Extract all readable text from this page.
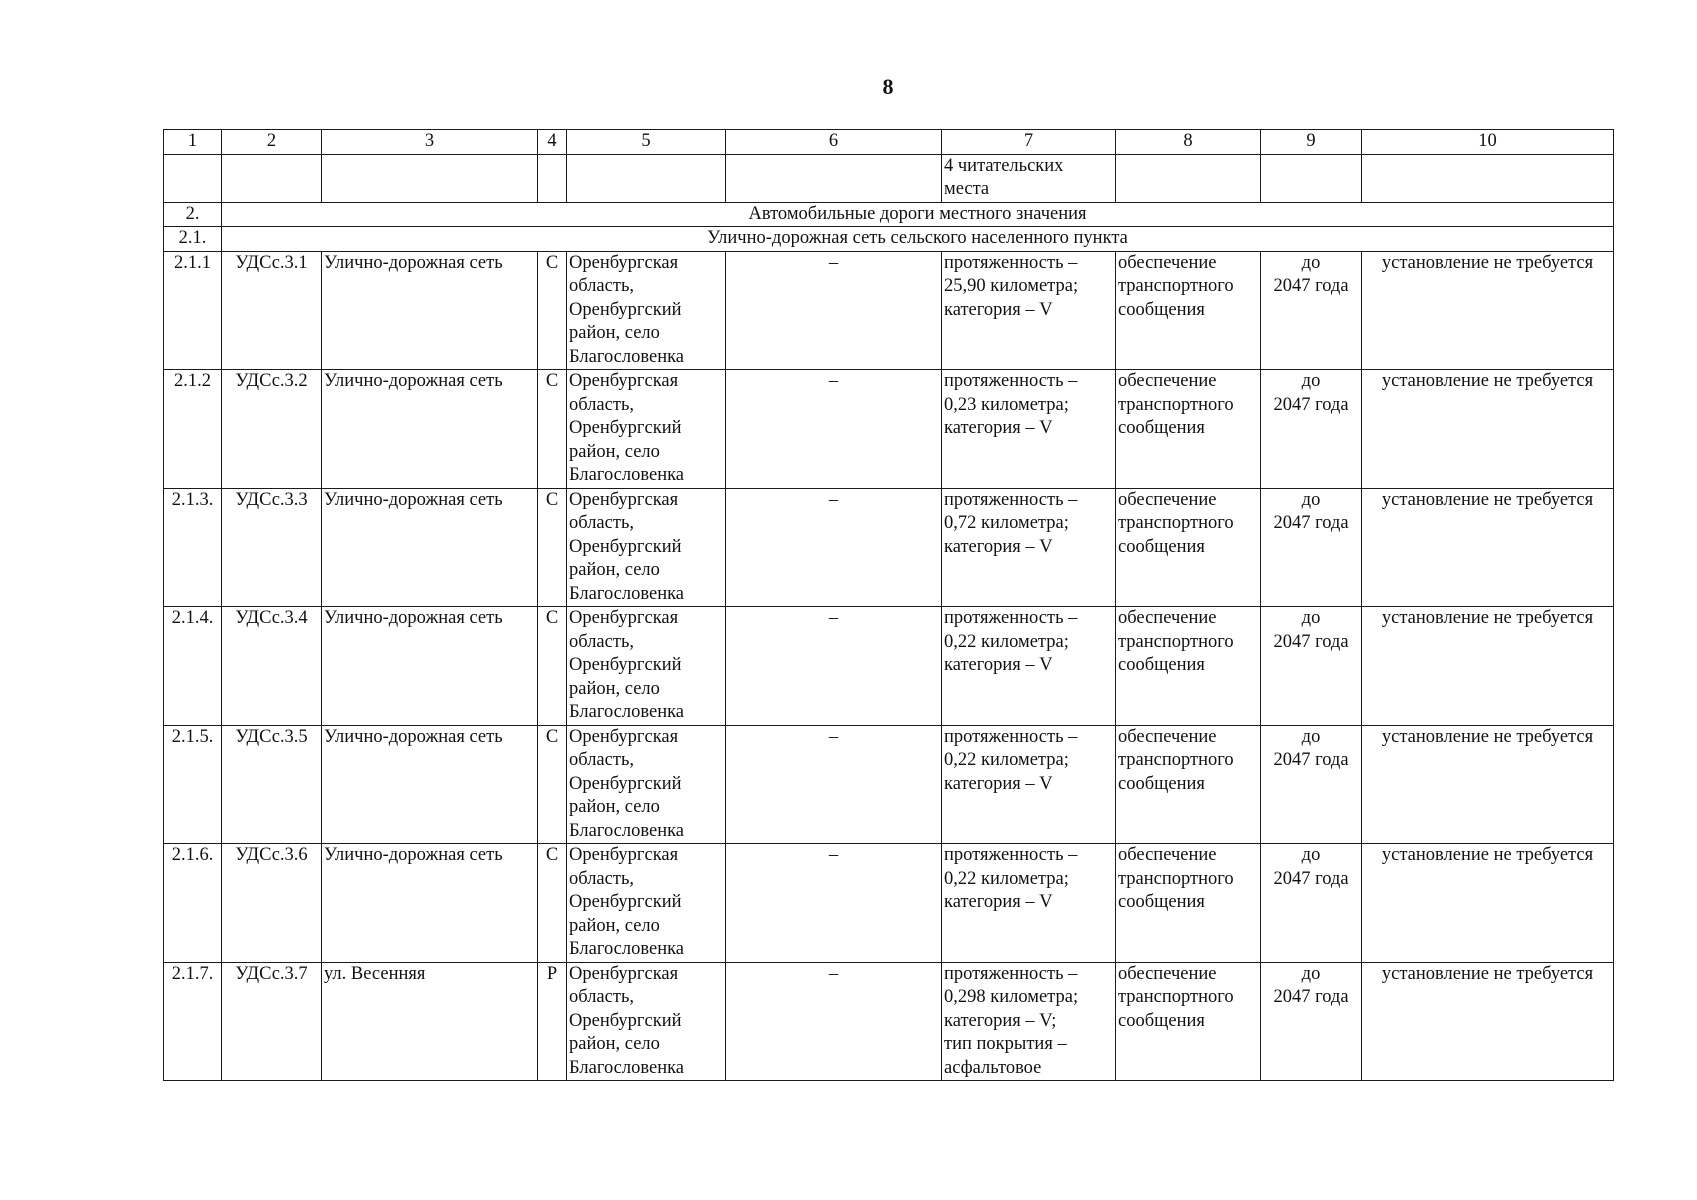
8
1	2	3	4	5	6	7	8	9	10
						4 читательских
места			
2.	Автомобильные дороги местного значения								
2.1.	Улично-дорожная сеть сельского населенного пункта								
2.1.1	УДСс.3.1	Улично-дорожная сеть	С	Оренбургская
область,
Оренбургский
район, село
Благословенка	–	протяженность –
25,90 километра;
категория – V	обеспечение
транспортного
сообщения	до
2047 года	установление не требуется
2.1.2	УДСс.3.2	Улично-дорожная сеть	С	Оренбургская
область,
Оренбургский
район, село
Благословенка	–	протяженность –
0,23 километра;
категория – V	обеспечение
транспортного
сообщения	до
2047 года	установление не требуется
2.1.3.	УДСс.3.3	Улично-дорожная сеть	С	Оренбургская
область,
Оренбургский
район, село
Благословенка	–	протяженность –
0,72 километра;
категория – V	обеспечение
транспортного
сообщения	до
2047 года	установление не требуется
2.1.4.	УДСс.3.4	Улично-дорожная сеть	С	Оренбургская
область,
Оренбургский
район, село
Благословенка	–	протяженность –
0,22 километра;
категория – V	обеспечение
транспортного
сообщения	до
2047 года	установление не требуется
2.1.5.	УДСс.3.5	Улично-дорожная сеть	С	Оренбургская
область,
Оренбургский
район, село
Благословенка	–	протяженность –
0,22 километра;
категория – V	обеспечение
транспортного
сообщения	до
2047 года	установление не требуется
2.1.6.	УДСс.3.6	Улично-дорожная сеть	С	Оренбургская
область,
Оренбургский
район, село
Благословенка	–	протяженность –
0,22 километра;
категория – V	обеспечение
транспортного
сообщения	до
2047 года	установление не требуется
2.1.7.	УДСс.3.7	ул. Весенняя	Р	Оренбургская
область,
Оренбургский
район, село
Благословенка	–	протяженность –
0,298 километра;
категория – V;
тип покрытия –
асфальтовое	обеспечение
транспортного
сообщения	до
2047 года	установление не требуется
